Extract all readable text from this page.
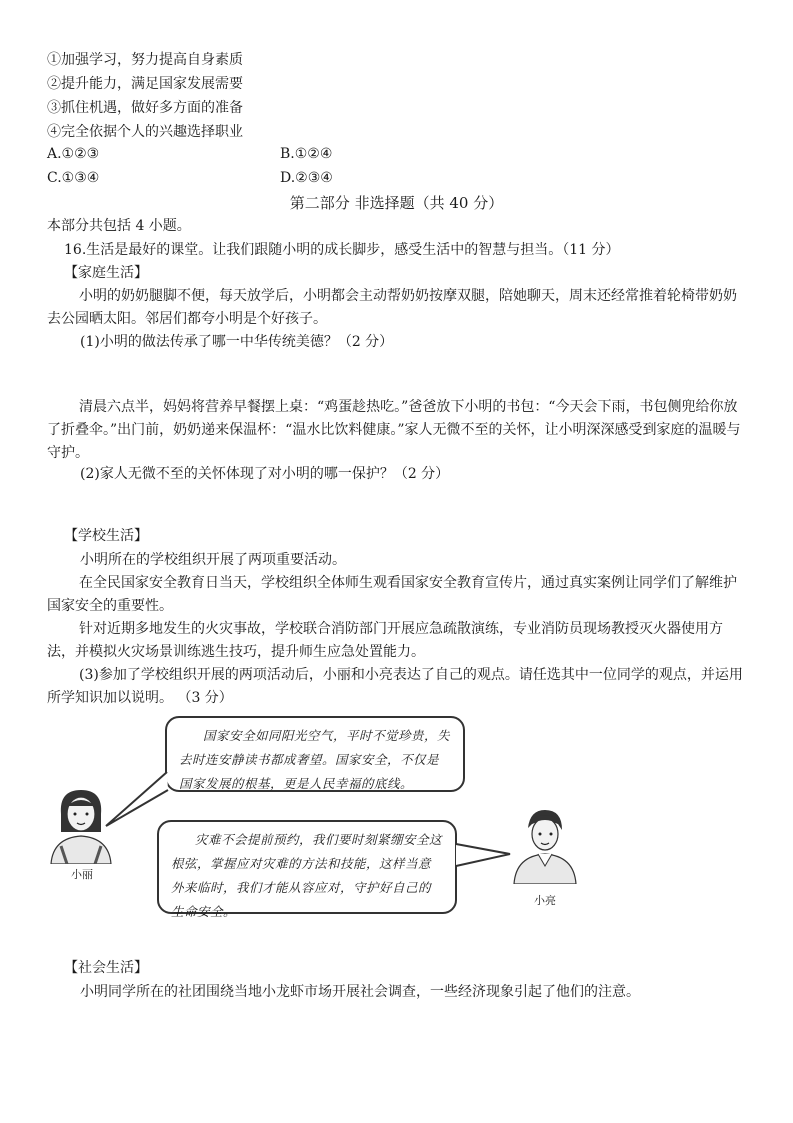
①加强学习，努力提高自身素质
②提升能力，满足国家发展需要
③抓住机遇，做好多方面的准备
④完全依据个人的兴趣选择职业
A.①②③	B.①②④
C.①③④	D.②③④
第二部分 非选择题（共 40 分）
本部分共包括 4 小题。
16.生活是最好的课堂。让我们跟随小明的成长脚步，感受生活中的智慧与担当。（11 分）
【家庭生活】
小明的奶奶腿脚不便，每天放学后，小明都会主动帮奶奶按摩双腿，陪她聊天，周末还经常推着轮椅带奶奶去公园晒太阳。邻居们都夸小明是个好孩子。
(1)小明的做法传承了哪一中华传统美德？（2 分）
清晨六点半，妈妈将营养早餐摆上桌：“鸡蛋趁热吃。”爸爸放下小明的书包：“今天会下雨，书包侧兜给你放了折叠伞。”出门前，奶奶递来保温杯：“温水比饮料健康。”家人无微不至的关怀，让小明深深感受到家庭的温暖与守护。
(2)家人无微不至的关怀体现了对小明的哪一保护？（2 分）
【学校生活】
小明所在的学校组织开展了两项重要活动。
在全民国家安全教育日当天，学校组织全体师生观看国家安全教育宣传片，通过真实案例让同学们了解维护国家安全的重要性。
针对近期多地发生的火灾事故，学校联合消防部门开展应急疏散演练，专业消防员现场教授灭火器使用方法，并模拟火灾场景训练逃生技巧，提升师生应急处置能力。
(3)参加了学校组织开展的两项活动后，小丽和小亮表达了自己的观点。请任选其中一位同学的观点，并运用所学知识加以说明。 （3 分）
国家安全如同阳光空气，平时不觉珍贵，失去时连安静读书都成奢望。国家安全，不仅是国家发展的根基，更是人民幸福的底线。
灾难不会提前预约，我们要时刻紧绷安全这根弦，掌握应对灾难的方法和技能，这样当意外来临时，我们才能从容应对，守护好自己的生命安全。
小丽
小亮
【社会生活】
小明同学所在的社团围绕当地小龙虾市场开展社会调查，一些经济现象引起了他们的注意。
